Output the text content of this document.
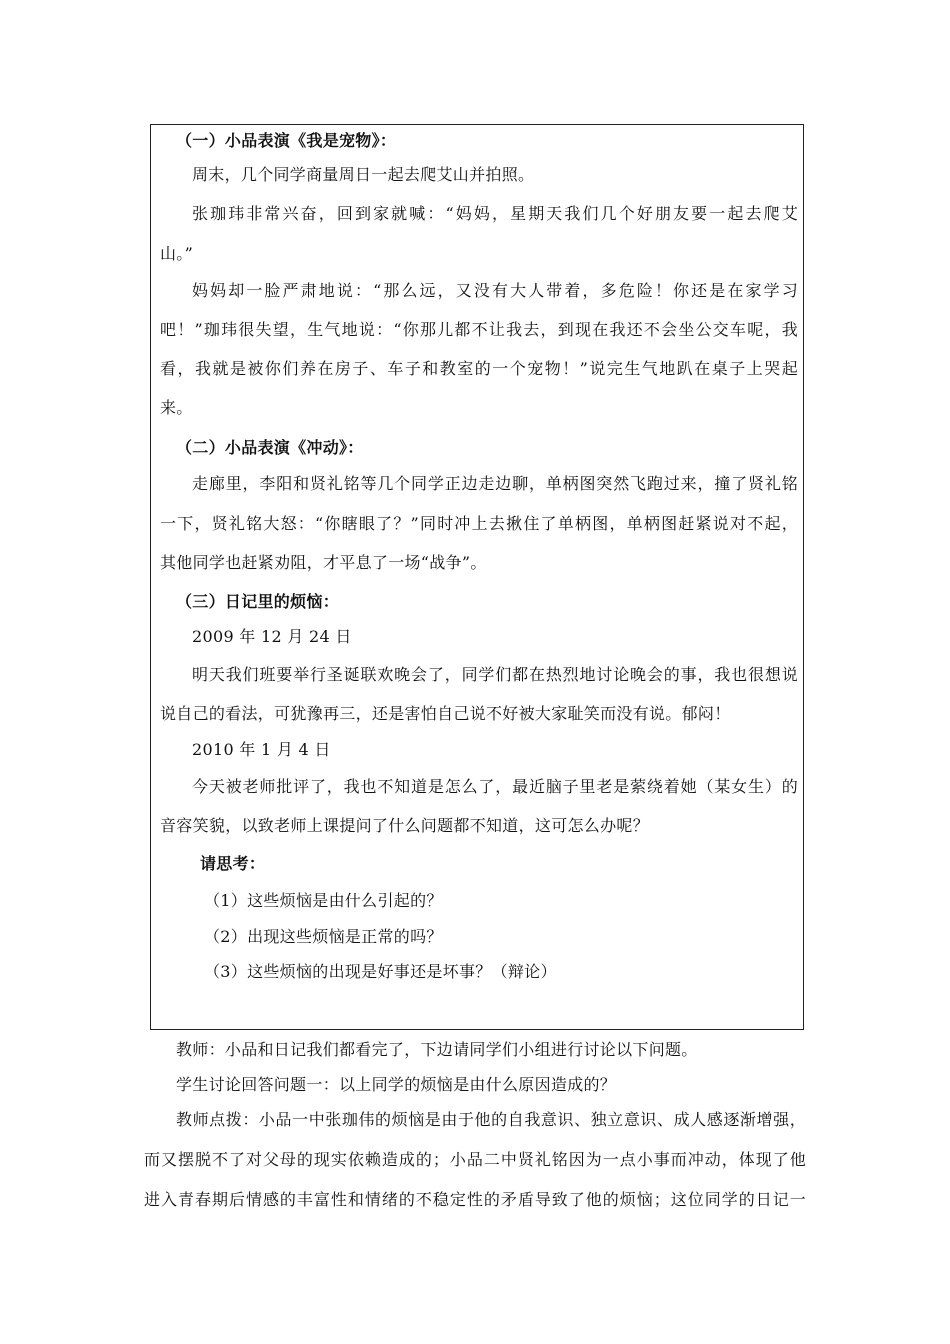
（一）小品表演《我是宠物》：
周末，几个同学商量周日一起去爬艾山并拍照。
张珈玮非常兴奋，回到家就喊：“妈妈，星期天我们几个好朋友要一起去爬艾
山。”
妈妈却一脸严肃地说：“那么远，又没有大人带着，多危险！你还是在家学习
吧！”珈玮很失望，生气地说：“你那儿都不让我去，到现在我还不会坐公交车呢，我
看，我就是被你们养在房子、车子和教室的一个宠物！”说完生气地趴在桌子上哭起
来。
（二）小品表演《冲动》：
走廊里，李阳和贤礼铭等几个同学正边走边聊，单柄图突然飞跑过来，撞了贤礼铭
一下，贤礼铭大怒：“你瞎眼了？”同时冲上去揪住了单柄图，单柄图赶紧说对不起，
其他同学也赶紧劝阻，才平息了一场“战争”。
（三）日记里的烦恼：
2009 年 12 月 24 日
明天我们班要举行圣诞联欢晚会了，同学们都在热烈地讨论晚会的事，我也很想说
说自己的看法，可犹豫再三，还是害怕自己说不好被大家耻笑而没有说。郁闷！
2010 年 1 月 4 日
今天被老师批评了，我也不知道是怎么了，最近脑子里老是萦绕着她（某女生）的
音容笑貌，以致老师上课提问了什么问题都不知道，这可怎么办呢？
请思考：
（1）这些烦恼是由什么引起的？
（2）出现这些烦恼是正常的吗？
（3）这些烦恼的出现是好事还是坏事？（辩论）
教师：小品和日记我们都看完了，下边请同学们小组进行讨论以下问题。
学生讨论回答问题一：以上同学的烦恼是由什么原因造成的？
教师点拨：小品一中张珈伟的烦恼是由于他的自我意识、独立意识、成人感逐渐增强，
而又摆脱不了对父母的现实依赖造成的；小品二中贤礼铭因为一点小事而冲动，体现了他
进入青春期后情感的丰富性和情绪的不稳定性的矛盾导致了他的烦恼；这位同学的日记一
